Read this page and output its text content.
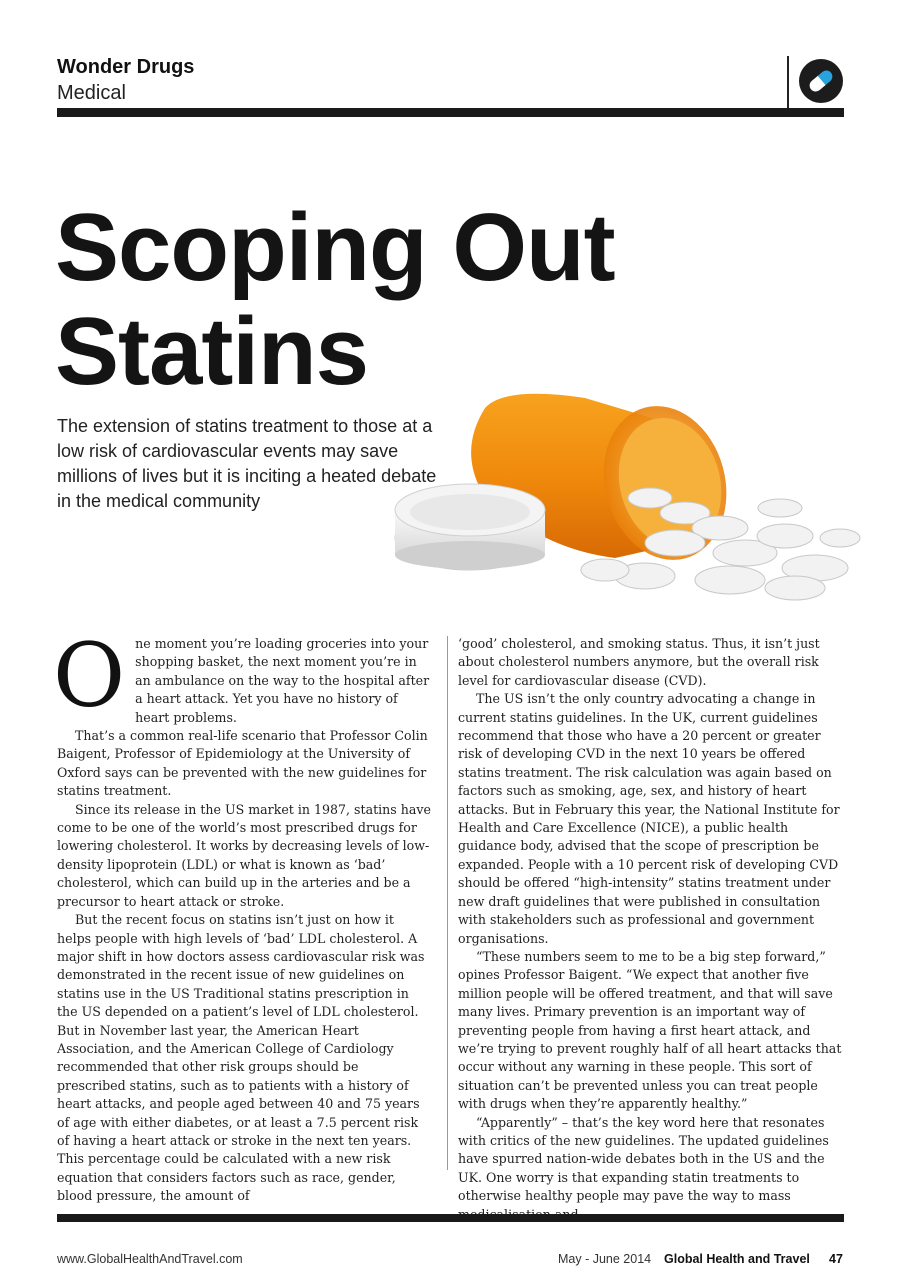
Wonder Drugs
Medical
Scoping Out
Statins

The extension of statins treatment to those at a low risk of cardiovascular events may save millions of lives but it is inciting a heated debate in the medical community

One moment you’re loading groceries into your shopping basket, the next moment you’re in an ambulance on the way to the hospital after a heart attack. Yet you have no history of heart problems.

That’s a common real-life scenario that Professor Colin Baigent, Professor of Epidemiology at the University of Oxford says can be prevented with the new guidelines for statins treatment.

Since its release in the US market in 1987, statins have come to be one of the world’s most prescribed drugs for lowering cholesterol. It works by decreasing levels of low-density lipoprotein (LDL) or what is known as ‘bad’ cholesterol, which can build up in the arteries and be a precursor to heart attack or stroke.

But the recent focus on statins isn’t just on how it helps people with high levels of ‘bad’ LDL cholesterol. A major shift in how doctors assess cardiovascular risk was demonstrated in the recent issue of new guidelines on statins use in the US Traditional statins prescription in the US depended on a patient’s level of LDL cholesterol. But in November last year, the American Heart Association, and the American College of Cardiology recommended that other risk groups should be prescribed statins, such as to patients with a history of heart attacks, and people aged between 40 and 75 years of age with either diabetes, or at least a 7.5 percent risk of having a heart attack or stroke in the next ten years. This percentage could be calculated with a new risk equation that considers factors such as race, gender, blood pressure, the amount of

‘good’ cholesterol, and smoking status. Thus, it isn’t just about cholesterol numbers anymore, but the overall risk level for cardiovascular disease (CVD).

The US isn’t the only country advocating a change in current statins guidelines. In the UK, current guidelines recommend that those who have a 20 percent or greater risk of developing CVD in the next 10 years be offered statins treatment. The risk calculation was again based on factors such as smoking, age, sex, and history of heart attacks. But in February this year, the National Institute for Health and Care Excellence (NICE), a public health guidance body, advised that the scope of prescription be expanded. People with a 10 percent risk of developing CVD should be offered “high-intensity” statins treatment under new draft guidelines that were published in consultation with stakeholders such as professional and government organisations.

“These numbers seem to me to be a big step forward,” opines Professor Baigent. “We expect that another five million people will be offered treatment, and that will save many lives. Primary prevention is an important way of preventing people from having a first heart attack, and we’re trying to prevent roughly half of all heart attacks that occur without any warning in these people. This sort of situation can’t be prevented unless you can treat people with drugs when they’re apparently healthy.”

“Apparently” – that’s the key word here that resonates with critics of the new guidelines. The updated guidelines have spurred nation-wide debates both in the US and the UK. One worry is that expanding statin treatments to otherwise healthy people may pave the way to mass

www.GlobalHealthAndTravel.com	May - June 2014 Global Health and Travel 47
